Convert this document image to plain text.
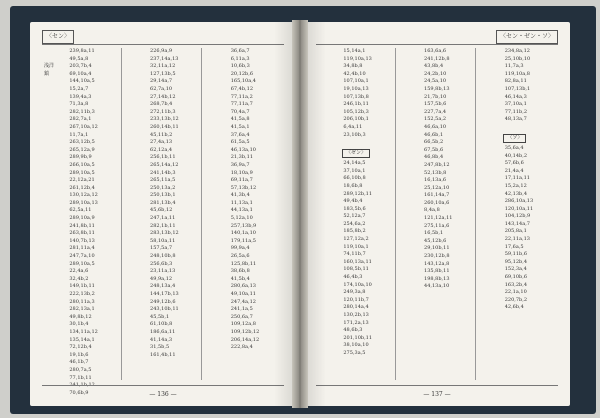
〈セン〉
239,8a,11
49,5a,8
浅洋	203,7b,4
鎮	69,10a,4
144,10a,5
15,2a,7
139,4a,3
71,3a,8
282,11b,3
282,7a,1
267,10a,12
11,7a,1
263,12b,5
265,12a,9
289,9b,9
266,10a,5
289,10a,5
22,12a,21
261,12b,4
130,12a,12
289,10a,13
62,5a,11
289,10a,9
241,8b,11
263,8b,11
140,7b,13
281,11a,4
247,7a,10
289,10a,5
22,4a,6
32,4b,2
149,1b,11
222,13b,2
280,11a,3
282,13a,1
49,8b,12
30,1b,4
134,11a,12
135,14a,1
72,12b,4
19,1b,6
46,1b,7
280,7a,5
77,1b,11
241,1b,12
70,6b,9
226,9a,9
237,14a,13
32,11a,12
127,13b,5
29,14a,7
62,7a,10
27,14b,12
268,7b,4
272,11b,3
233,13b,12
260,14b,11
45,11b,2
27,4a,13
62,12a,4
256,1b,11
265,14a,12
241,14b,3
265,11a,5
250,13a,2
250,13b,1
281,13b,4
45,6b,12
247,1a,11
282,1b,11
283,13b,12
58,10a,11
157,5a,7
248,10b,8
256,6b,3
23,11a,13
49,9a,12
248,13a,4
144,17b,13
249,12b,6
243,10b,11
45,5b,1
61,10b,8
186,6a,11
41,14a,3
31,5b,5
161,4b,11
36,6a,7
6,11a,3
10,6b,3
20,12b,6
165,10a,4
67,4b,12
77,11a,2
77,11a,7
70,4a,7
41,5a,8
41,5a,1
37,6a,4
61,5a,5
46,13a,10
21,3b,11
36,9a,7
18,10a,9
69,11a,7
57,13b,12
41,3b,4
11,13a,1
44,13a,1
5,12a,10
257,13b,9
140,1a,10
179,11a,5
99,9a,4
26,5a,6
125,8b,11
38,6b,8
41,5b,4
280,6a,13
49,10a,11
247,4a,12
241,1a,5
250,6a,7
109,12a,8
109,12b,12
206,14a,12
222,8a,4
— 136 —
〈セン・ゼン・ソ〉
15,14a,1
119,10a,13
34,8b,8
42,4b,10
107,10a,1
19,10a,13
107,13b,8
246,1b,11
105,12b,3
206,10b,1
6,4a,11
23,10b,3
〈ゼン〉
24,14a,5
37,10a,1
66,10b,8
18,6b,8
289,12b,11
49,4b,4
183,5b,6
52,12a,7
254,6a,2
185,8b,2
127,12a,2
119,10a,1
74,11b,7
160,13a,11
108,5b,11
46,4b,3
174,10a,10
249,3a,8
120,11b,7
280,14a,4
130,2b,13
171,2a,13
48,6b,3
201,10b,11
38,10a,10
275,3a,5
163,6a,6
241,12b,8
43,8b,4
24,2b,10
24,5a,10
159,8b,13
21,7b,10
157,5b,6
227,7a,4
152,5a,2
46,6a,10
46,6b,1
66,5b,2
67,5b,6
46,8b,4
247,8b,12
52,13b,8
16,13a,6
25,12a,10
161,14a,7
260,10a,6
8,4a,8
121,12a,11
275,11a,6
16,5b,1
45,12b,6
29,10b,11
230,12b,8
143,12a,8
135,8b,11
198,8b,13
44,13a,10
234,8a,12
25,10b,10
11,7a,3
119,10a,8
82,8a,11
107,13b,1
46,14a,3
37,10a,1
77,11b,2
48,13a,7
〈ソ〉
35,6a,4
40,14b,2
57,6b,6
21,4a,4
17,11a,11
15,2a,12
42,13b,4
286,10a,13
120,10a,11
104,12b,9
143,14a,7
205,8a,1
22,11a,13
17,6a,5
59,11b,6
95,12b,4
152,3a,4
69,10b,6
163,2b,4
22,1a,10
220,7b,2
42,6b,4
— 137 —
